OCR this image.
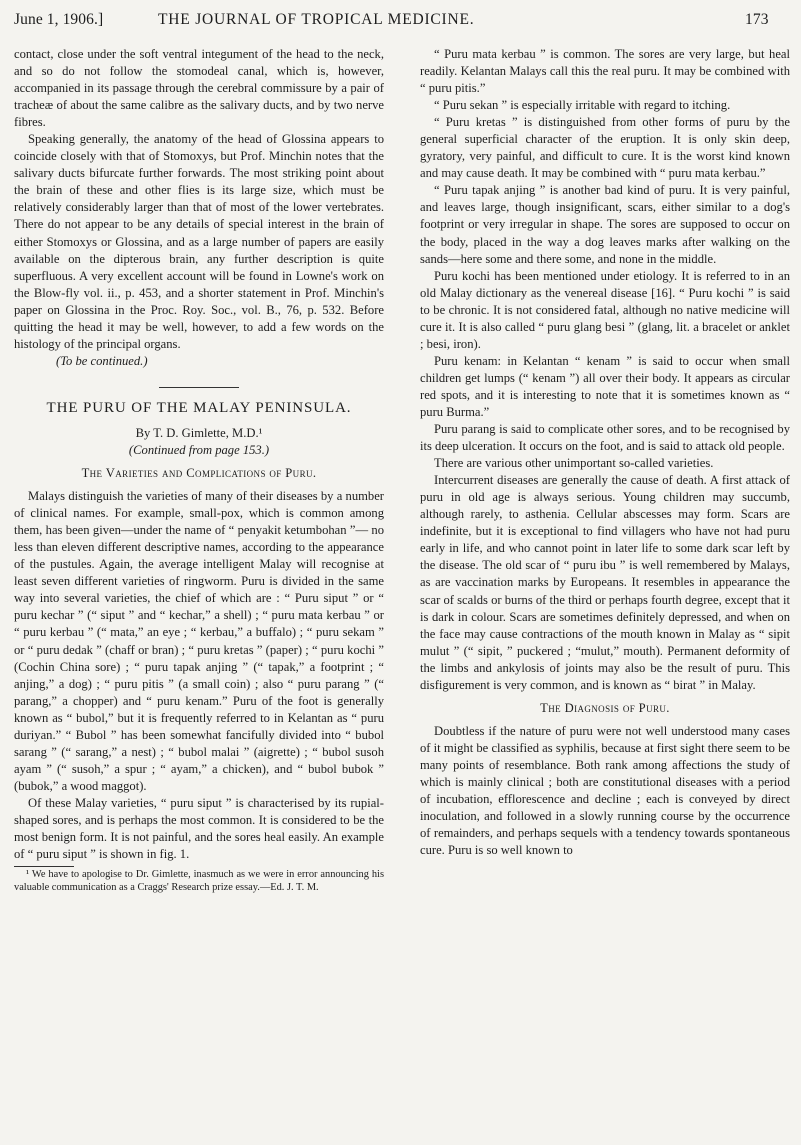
June 1, 1906.]	THE JOURNAL OF TROPICAL MEDICINE.	173

contact, close under the soft ventral integument of the head to the neck, and so do not follow the stomodeal canal, which is, however, accompanied in its passage through the cerebral commissure by a pair of tracheæ of about the same calibre as the salivary ducts, and by two nerve fibres.

Speaking generally, the anatomy of the head of Glossina appears to coincide closely with that of Stomoxys, but Prof. Minchin notes that the salivary ducts bifurcate further forwards. The most striking point about the brain of these and other flies is its large size, which must be relatively considerably larger than that of most of the lower vertebrates. There do not appear to be any details of special interest in the brain of either Stomoxys or Glossina, and as a large number of papers are easily available on the dipterous brain, any further description is quite superfluous. A very excellent account will be found in Lowne's work on the Blow-fly vol. ii., p. 453, and a shorter statement in Prof. Minchin's paper on Glossina in the Proc. Roy. Soc., vol. B., 76, p. 532. Before quitting the head it may be well, however, to add a few words on the histology of the principal organs.

(To be continued.)

THE PURU OF THE MALAY PENINSULA.

By T. D. Gimlette, M.D.¹

(Continued from page 153.)

The Varieties and Complications of Puru.

Malays distinguish the varieties of many of their diseases by a number of clinical names. For example, small-pox, which is common among them, has been given—under the name of “ penyakit ketumbohan ”— no less than eleven different descriptive names, according to the appearance of the pustules. Again, the average intelligent Malay will recognise at least seven different varieties of ringworm. Puru is divided in the same way into several varieties, the chief of which are : “ Puru siput ” or “ puru kechar ” (“ siput ” and “ kechar,” a shell) ; “ puru mata kerbau ” or “ puru kerbau ” (“ mata,” an eye ; “ kerbau,” a buffalo) ; “ puru sekam ” or “ puru dedak ” (chaff or bran) ; “ puru kretas ” (paper) ; “ puru kochi ” (Cochin China sore) ; “ puru tapak anjing ” (“ tapak,” a footprint ; “ anjing,” a dog) ; “ puru pitis ” (a small coin) ; also “ puru parang ” (“ parang,” a chopper) and “ puru kenam.” Puru of the foot is generally known as “ bubol,” but it is frequently referred to in Kelantan as “ puru duriyan.” “ Bubol ” has been somewhat fancifully divided into “ bubol sarang ” (“ sarang,” a nest) ; “ bubol malai ” (aigrette) ; “ bubol susoh ayam ” (“ susoh,” a spur ; “ ayam,” a chicken), and “ bubol bubok ” (bubok,” a wood maggot).

Of these Malay varieties, “ puru siput ” is characterised by its rupial-shaped sores, and is perhaps the most common. It is considered to be the most benign form. It is not painful, and the sores heal easily. An example of “ puru siput ” is shown in fig. 1.

¹ We have to apologise to Dr. Gimlette, inasmuch as we were in error announcing his valuable communication as a Craggs' Research prize essay.—Ed. J. T. M.

“ Puru mata kerbau ” is common. The sores are very large, but heal readily. Kelantan Malays call this the real puru. It may be combined with “ puru pitis.”

“ Puru sekan ” is especially irritable with regard to itching.

“ Puru kretas ” is distinguished from other forms of puru by the general superficial character of the eruption. It is only skin deep, gyratory, very painful, and difficult to cure. It is the worst kind known and may cause death. It may be combined with “ puru mata kerbau.”

“ Puru tapak anjing ” is another bad kind of puru. It is very painful, and leaves large, though insignificant, scars, either similar to a dog's footprint or very irregular in shape. The sores are supposed to occur on the body, placed in the way a dog leaves marks after walking on the sands—here some and there some, and none in the middle.

Puru kochi has been mentioned under etiology. It is referred to in an old Malay dictionary as the venereal disease [16]. “ Puru kochi ” is said to be chronic. It is not considered fatal, although no native medicine will cure it. It is also called “ puru glang besi ” (glang, lit. a bracelet or anklet ; besi, iron).

Puru kenam: in Kelantan “ kenam ” is said to occur when small children get lumps (“ kenam ”) all over their body. It appears as circular red spots, and it is interesting to note that it is sometimes known as “ puru Burma.”

Puru parang is said to complicate other sores, and to be recognised by its deep ulceration. It occurs on the foot, and is said to attack old people.

There are various other unimportant so-called varieties.

Intercurrent diseases are generally the cause of death. A first attack of puru in old age is always serious. Young children may succumb, although rarely, to asthenia. Cellular abscesses may form. Scars are indefinite, but it is exceptional to find villagers who have not had puru early in life, and who cannot point in later life to some dark scar left by the disease. The old scar of “ puru ibu ” is well remembered by Malays, as are vaccination marks by Europeans. It resembles in appearance the scar of scalds or burns of the third or perhaps fourth degree, except that it is dark in colour. Scars are sometimes definitely depressed, and when on the face may cause contractions of the mouth known in Malay as “ sipit mulut ” (“ sipit, ” puckered ; “mulut,” mouth). Permanent deformity of the limbs and ankylosis of joints may also be the result of puru. This disfigurement is very common, and is known as “ birat ” in Malay.

The Diagnosis of Puru.

Doubtless if the nature of puru were not well understood many cases of it might be classified as syphilis, because at first sight there seem to be many points of resemblance. Both rank among affections the study of which is mainly clinical ; both are constitutional diseases with a period of incubation, efflorescence and decline ; each is conveyed by direct inoculation, and followed in a slowly running course by the occurrence of remainders, and perhaps sequels with a tendency towards spontaneous cure. Puru is so well known to
